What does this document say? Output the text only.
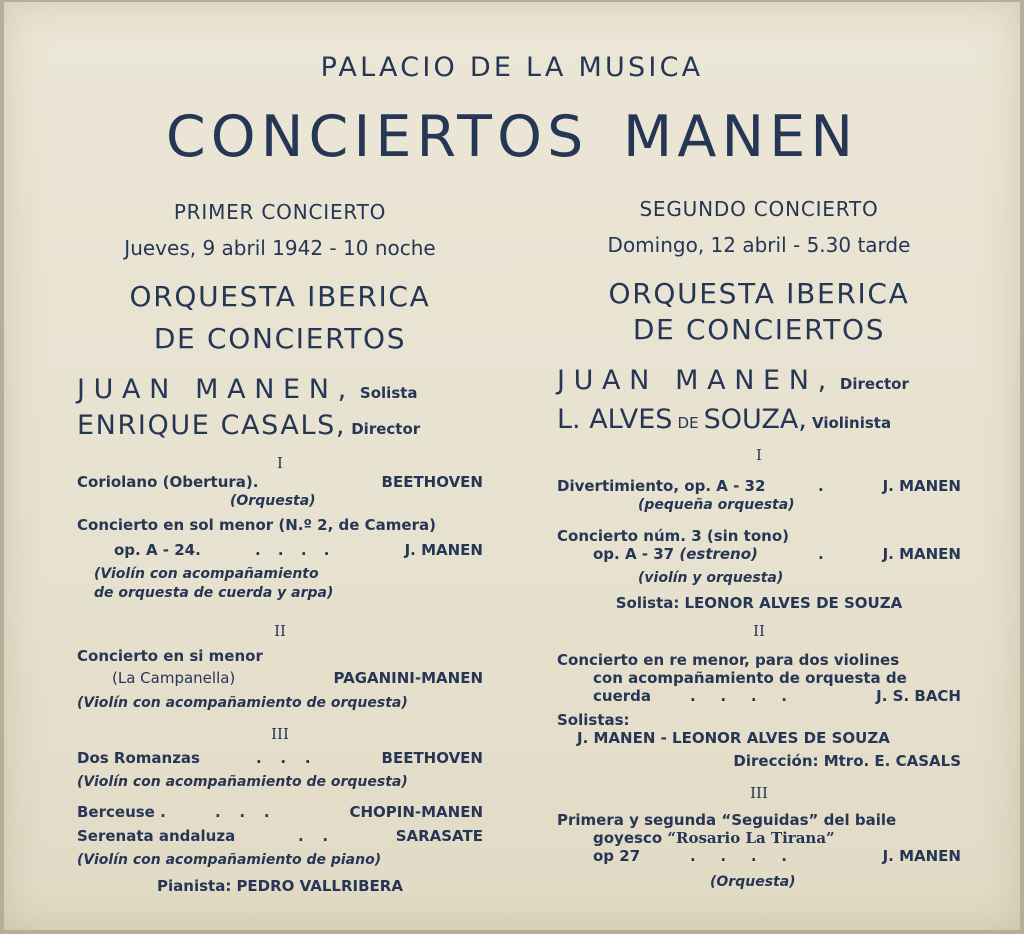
PALACIO DE LA MUSICA
CONCIERTOS MANEN
PRIMER CONCIERTO
Jueves, 9 abril 1942 - 10 noche
ORQUESTA IBERICA
DE CONCIERTOS
JUAN MANEN, Solista
ENRIQUE CASALS, Director
I
Coriolano (Obertura).	BEETHOVEN
(Orquesta)
Concierto en sol menor (N.º 2, de Camera)
op. A - 24.	. . . .	J. MANEN
(Violín con acompañamiento
de orquesta de cuerda y arpa)
II
Concierto en si menor
(La Campanella)	PAGANINI-MANEN
(Violín con acompañamiento de orquesta)
III
Dos Romanzas	. . .	BEETHOVEN
(Violín con acompañamiento de orquesta)
Berceuse .	. . .	CHOPIN-MANEN
Serenata andaluza	. .	SARASATE
(Violín con acompañamiento de piano)
Pianista: PEDRO VALLRIBERA
SEGUNDO CONCIERTO
Domingo, 12 abril - 5.30 tarde
ORQUESTA IBERICA
DE CONCIERTOS
JUAN MANEN, Director
L. ALVES DE SOUZA, Violinista
I
Divertimiento, op. A - 32	.	J. MANEN
(pequeña orquesta)
Concierto núm. 3 (sin tono)
op. A - 37 (estreno)	.	J. MANEN
(violín y orquesta)
Solista: LEONOR ALVES DE SOUZA
II
Concierto en re menor, para dos violines
con acompañamiento de orquesta de
cuerda	. . . .	J. S. BACH
Solistas:
J. MANEN - LEONOR ALVES DE SOUZA
Dirección: Mtro. E. CASALS
III
Primera y segunda “Seguidas” del baile
goyesco “Rosario La Tirana”
op 27	. . . .	J. MANEN
(Orquesta)
